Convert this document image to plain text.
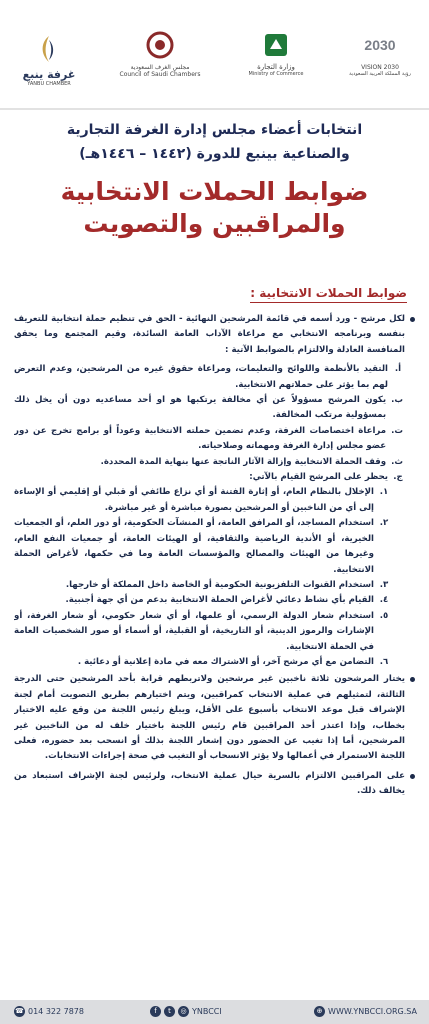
غرفة ينبع
YANBU CHAMBER
مجلس الغرف السعودية
Council of Saudi Chambers
وزارة التجارة
Ministry of Commerce
2030
VISION 2030
رؤية المملكة العربية السعودية
انتخابات أعضاء مجلس إدارة الغرفة التجارية
والصناعية بينبع للدورة (١٤٤٢ – ١٤٤٦هـ)
ضوابط الحملات الانتخابية
والمراقبين والتصويت
ضوابط الحملات الانتخابية :

لكل مرشح - ورد أسمه في قائمة المرشحين النهائية - الحق في تنظيم حملة انتخابية للتعريف بنفسه وبرنامجه الانتخابي مع مراعاة الآداب العامة السائدة، وقيم المجتمع وما يحقق المنافسة العادلة والالتزام بالضوابط الآتية :

أ.
التقيد بالأنظمة واللوائح والتعليمات، ومراعاة حقوق غيره من المرشحين، وعدم التعرض لهم بما يؤثر على حملاتهم الانتخابية.
ب.
يكون المرشح مسؤولاً عن أي مخالفة يرتكبها هو او أحد مساعديه دون أن يخل ذلك بمسؤولية مرتكب المخالفة.
ت.
مراعاة اختصاصات الغرفة، وعدم تضمين حملته الانتخابية وعوداً أو برامج تخرج عن دور عضو مجلس إدارة الغرفة ومهماته وصلاحياته.
ث.
وقف الحملة الانتخابية وإزالة الآثار الناتجة عنها بنهاية المدة المحددة.
ج.
يحظر على المرشح القيام بالآتي:
١.
الإخلال بالنظام العام، أو إثارة الفتنة أو أي نزاع طائفي أو قبلي أو إقليمي أو الإساءة إلى أي من الناخبين أو المرشحين بصورة مباشرة أو غير مباشرة.
٢.
استخدام المساجد، أو المرافق العامة، أو المنشآت الحكومية، أو دور العلم، أو الجمعيات الخيرية، أو الأندية الرياضية والثقافية، أو الهيئات العامة، أو جمعيات النفع العام، وغيرها من الهيئات والمصالح والمؤسسات العامة وما في حكمها، لأغراض الحملة الانتخابية.
٣.
استخدام القنوات التلفزيونية الحكومية أو الخاصة داخل المملكة أو خارجها.
٤.
القيام بأي نشاط دعائي لأغراض الحملة الانتخابية بدعم من أي جهة أجنبية.
٥.
استخدام شعار الدولة الرسمي، أو علمها، أو أي شعار حكومي، أو شعار الغرفة، أو الإشارات والرموز الدينية، أو التاريخية، أو القبلية، أو أسماء أو صور الشخصيات العامة في الحملة الانتخابية.
٦.
التضامن مع أي مرشح آخر، أو الاشتراك معه في مادة إعلانية أو دعائية .

يختار المرشحون ثلاثة ناخبين غير مرشحين ولاتربطهم قرابة بأحد المرشحين حتى الدرجة الثالثة، لتمثيلهم في عملية الانتخاب كمراقبين، ويتم اختيارهم بطريق التصويت أمام لجنة الإشراف قبل موعد الانتخاب بأسبوع على الأقل، ويبلغ رئيس اللجنة من وقع عليه الاختيار بخطاب، وإذا اعتذر أحد المراقبين قام رئيس اللجنة باختيار خلف له من الناخبين غير المرشحين، أما إذا تغيب عن الحضور دون إشعار اللجنة بذلك أو انسحب بعد حضوره، فعلى اللجنة الاستمرار في أعمالها ولا يؤثر الانسحاب أو التغيب في صحة إجراءات الانتخابات.

على المراقبين الالتزام بالسرية حيال عملية الانتخاب، ولرئيس لجنة الإشراف استبعاد من يخالف ذلك.

☎ 014 322 7878	f	t	◎ YNBCCI	⊕ WWW.YNBCCI.ORG.SA
